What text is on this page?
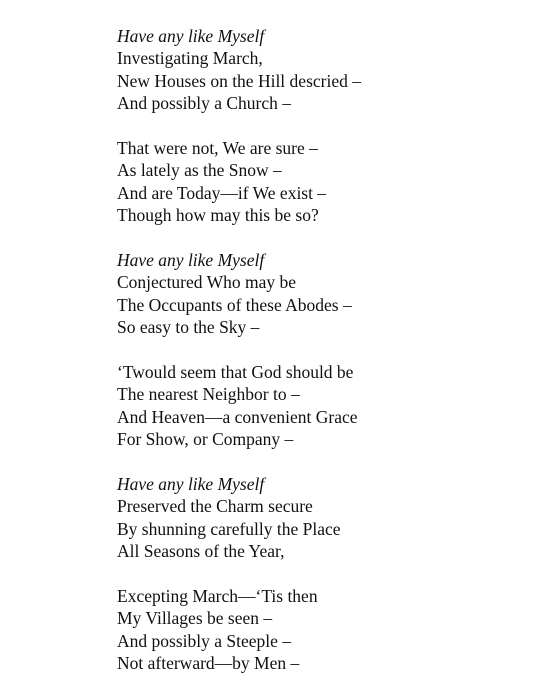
Have any like Myself
Investigating March,
New Houses on the Hill descried –
And possibly a Church –
That were not, We are sure –
As lately as the Snow –
And are Today—if We exist –
Though how may this be so?
Have any like Myself
Conjectured Who may be
The Occupants of these Abodes –
So easy to the Sky –
‘Twould seem that God should be
The nearest Neighbor to –
And Heaven—a convenient Grace
For Show, or Company –
Have any like Myself
Preserved the Charm secure
By shunning carefully the Place
All Seasons of the Year,
Excepting March—‘Tis then
My Villages be seen –
And possibly a Steeple –
Not afterward—by Men –
